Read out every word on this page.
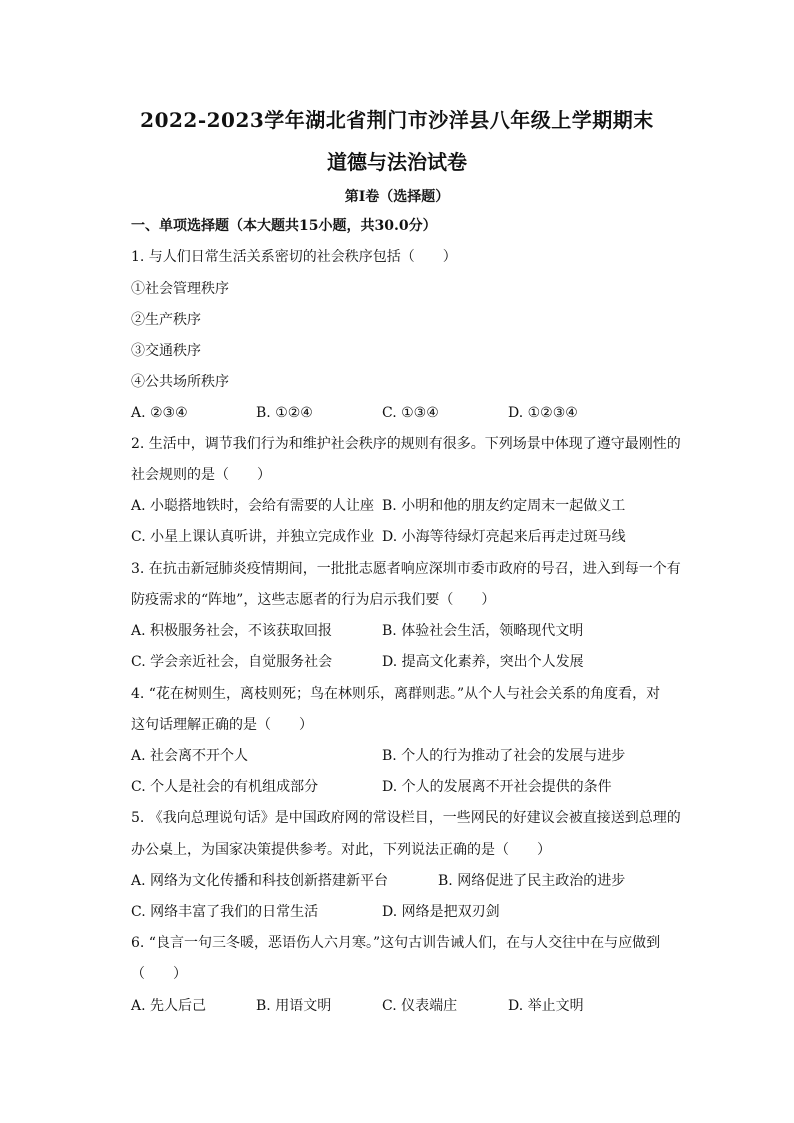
2022-2023学年湖北省荆门市沙洋县八年级上学期期末
道德与法治试卷
第I卷（选择题）
一、单项选择题（本大题共15小题，共30.0分）
1. 与人们日常生活关系密切的社会秩序包括（　　）
①社会管理秩序
②生产秩序
③交通秩序
④公共场所秩序
A. ②③④	B. ①②④	C. ①③④	D. ①②③④
2. 生活中，调节我们行为和维护社会秩序的规则有很多。下列场景中体现了遵守最刚性的
社会规则的是（　　）
A. 小聪搭地铁时，会给有需要的人让座 B. 小明和他的朋友约定周末一起做义工
C. 小星上课认真听讲，并独立完成作业 D. 小海等待绿灯亮起来后再走过斑马线
3. 在抗击新冠肺炎疫情期间，一批批志愿者响应深圳市委市政府的号召，进入到每一个有
防疫需求的“阵地”，这些志愿者的行为启示我们要（　　）
A. 积极服务社会，不该获取回报	B. 体验社会生活，领略现代文明
C. 学会亲近社会，自觉服务社会	D. 提高文化素养，突出个人发展
4. “花在树则生，离枝则死；鸟在林则乐，离群则悲。”从个人与社会关系的角度看，对
这句话理解正确的是（　　）
A. 社会离不开个人	B. 个人的行为推动了社会的发展与进步
C. 个人是社会的有机组成部分	D. 个人的发展离不开社会提供的条件
5. 《我向总理说句话》是中国政府网的常设栏目，一些网民的好建议会被直接送到总理的
办公桌上，为国家决策提供参考。对此，下列说法正确的是（　　）
A. 网络为文化传播和科技创新搭建新平台	B. 网络促进了民主政治的进步
C. 网络丰富了我们的日常生活	D. 网络是把双刃剑
6. “良言一句三冬暖，恶语伤人六月寒。”这句古训告诫人们，在与人交往中在与应做到
（　　）
A. 先人后己	B. 用语文明	C. 仪表端庄	D. 举止文明
